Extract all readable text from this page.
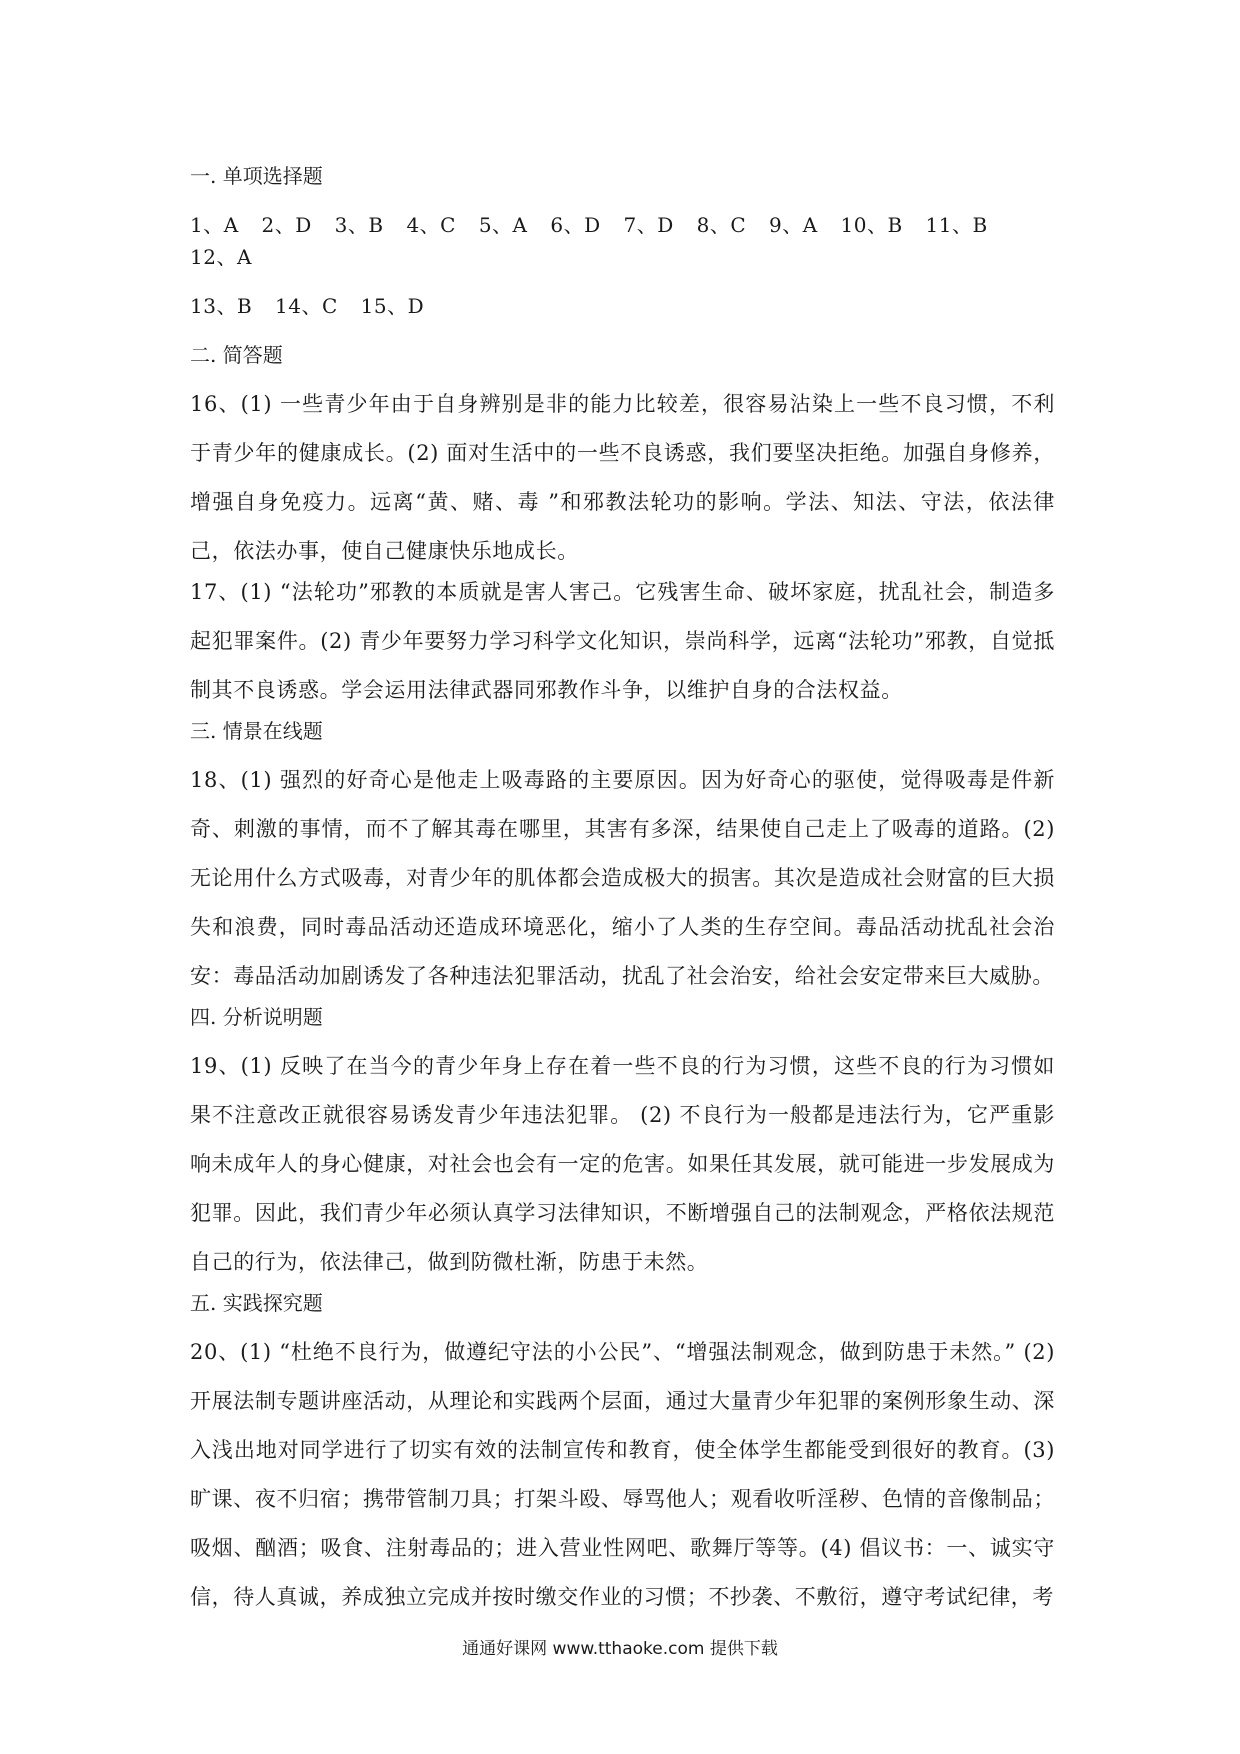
一. 单项选择题
1、A 2、D 3、B 4、C 5、A 6、D 7、D 8、C 9、A 10、B 11、B 12、A
13、B 14、C 15、D
二. 简答题

16、(1) 一些青少年由于自身辨别是非的能力比较差，很容易沾染上一些不良习惯，不利于青少年的健康成长。(2) 面对生活中的一些不良诱惑，我们要坚决拒绝。加强自身修养，增强自身免疫力。远离“黄、赌、毒 ”和邪教法轮功的影响。学法、知法、守法，依法律己，依法办事，使自己健康快乐地成长。

17、(1) “法轮功”邪教的本质就是害人害己。它残害生命、破坏家庭，扰乱社会，制造多起犯罪案件。(2) 青少年要努力学习科学文化知识，崇尚科学，远离“法轮功”邪教，自觉抵制其不良诱惑。学会运用法律武器同邪教作斗争，以维护自身的合法权益。

三. 情景在线题

18、(1) 强烈的好奇心是他走上吸毒路的主要原因。因为好奇心的驱使，觉得吸毒是件新奇、刺激的事情，而不了解其毒在哪里，其害有多深，结果使自己走上了吸毒的道路。(2) 无论用什么方式吸毒，对青少年的肌体都会造成极大的损害。其次是造成社会财富的巨大损失和浪费，同时毒品活动还造成环境恶化，缩小了人类的生存空间。毒品活动扰乱社会治安：毒品活动加剧诱发了各种违法犯罪活动，扰乱了社会治安，给社会安定带来巨大威胁。

四. 分析说明题

19、(1) 反映了在当今的青少年身上存在着一些不良的行为习惯，这些不良的行为习惯如果不注意改正就很容易诱发青少年违法犯罪。 (2) 不良行为一般都是违法行为，它严重影响未成年人的身心健康，对社会也会有一定的危害。如果任其发展，就可能进一步发展成为犯罪。因此，我们青少年必须认真学习法律知识，不断增强自己的法制观念，严格依法规范自己的行为，依法律己，做到防微杜渐，防患于未然。

五. 实践探究题

20、(1) “杜绝不良行为，做遵纪守法的小公民”、“增强法制观念，做到防患于未然。” (2) 开展法制专题讲座活动，从理论和实践两个层面，通过大量青少年犯罪的案例形象生动、深入浅出地对同学进行了切实有效的法制宣传和教育，使全体学生都能受到很好的教育。(3) 旷课、夜不归宿；携带管制刀具；打架斗殴、辱骂他人；观看收听淫秽、色情的音像制品；吸烟、酗酒；吸食、注射毒品的；进入营业性网吧、歌舞厅等等。(4) 倡议书：一、诚实守信，待人真诚，养成独立完成并按时缴交作业的习惯；不抄袭、不敷衍，遵守考试纪律，考

通通好课网 www.tthaoke.com 提供下载
